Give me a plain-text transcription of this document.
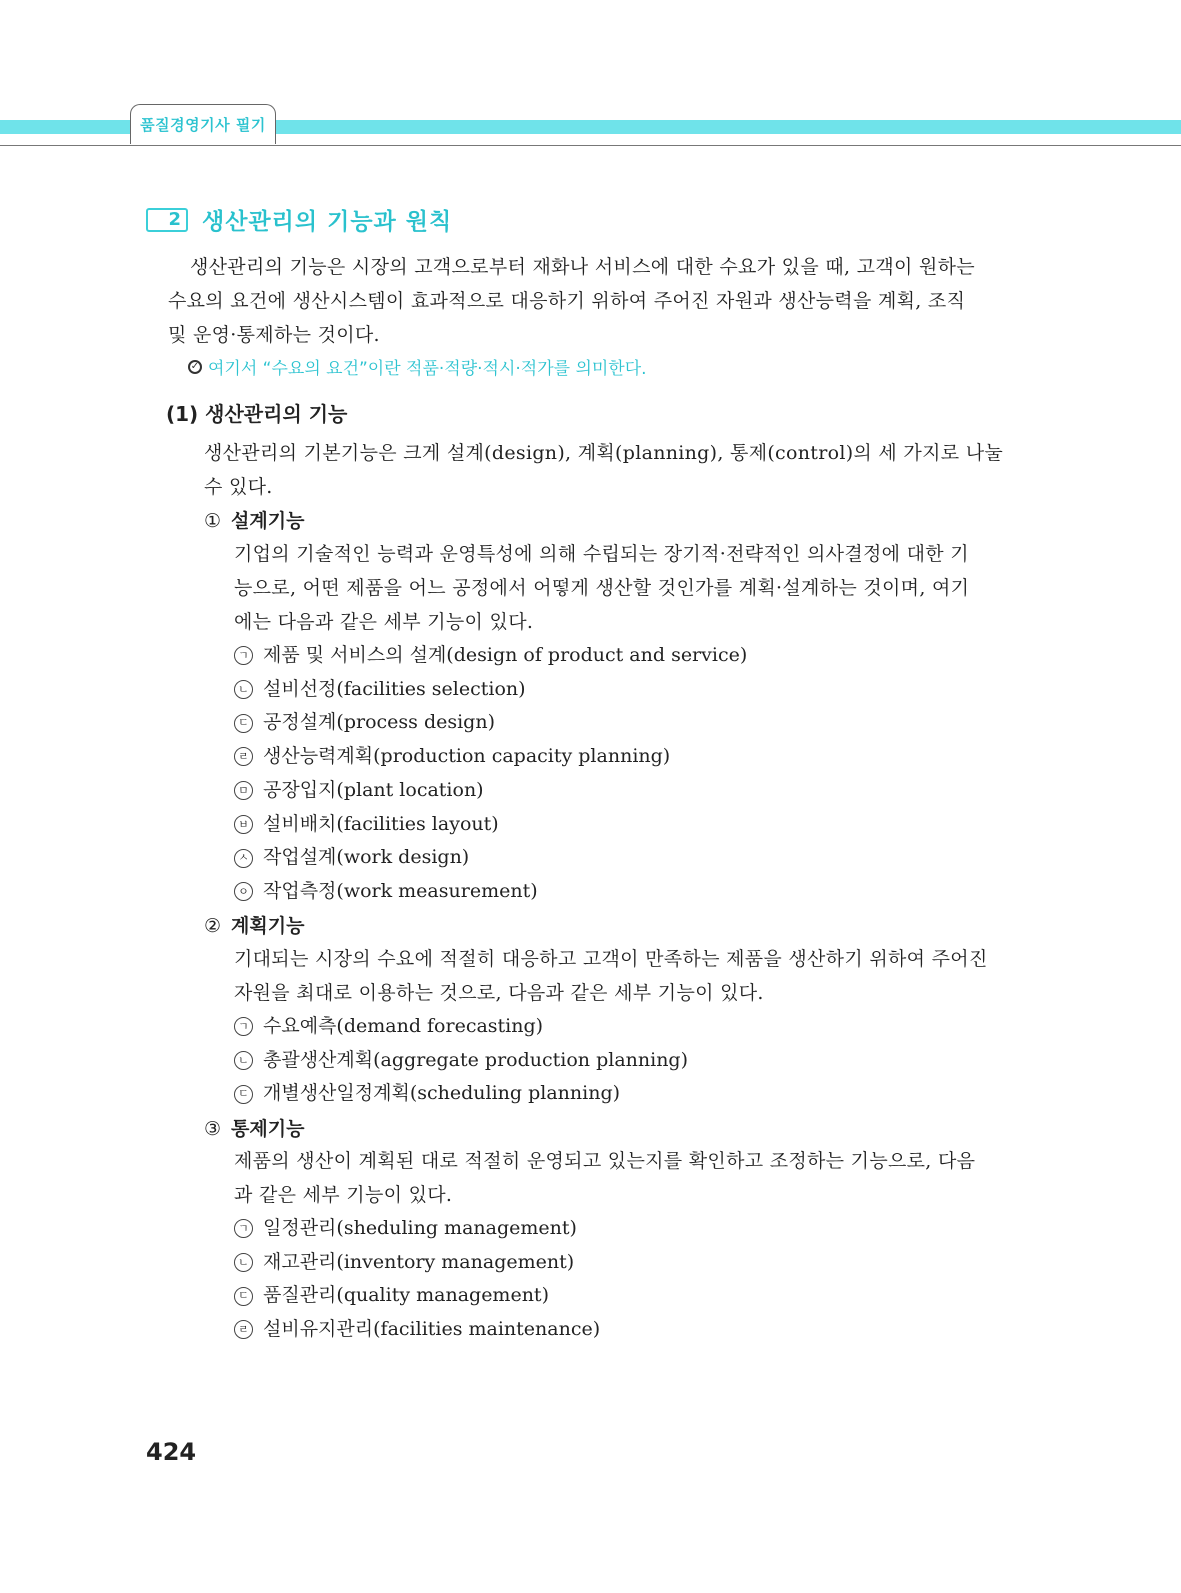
품질경영기사 필기
2 생산관리의 기능과 원칙
생산관리의 기능은 시장의 고객으로부터 재화나 서비스에 대한 수요가 있을 때, 고객이 원하는
수요의 요건에 생산시스템이 효과적으로 대응하기 위하여 주어진 자원과 생산능력을 계획, 조직
및 운영·통제하는 것이다.
✓ 여기서 “수요의 요건”이란 적품·적량·적시·적가를 의미한다.
(1) 생산관리의 기능
생산관리의 기본기능은 크게 설계(design), 계획(planning), 통제(control)의 세 가지로 나눌
수 있다.
① 설계기능
기업의 기술적인 능력과 운영특성에 의해 수립되는 장기적·전략적인 의사결정에 대한 기
능으로, 어떤 제품을 어느 공정에서 어떻게 생산할 것인가를 계획·설계하는 것이며, 여기
에는 다음과 같은 세부 기능이 있다.
ㄱ 제품 및 서비스의 설계(design of product and service)
ㄴ 설비선정(facilities selection)
ㄷ 공정설계(process design)
ㄹ 생산능력계획(production capacity planning)
ㅁ 공장입지(plant location)
ㅂ 설비배치(facilities layout)
ㅅ 작업설계(work design)
ㅇ 작업측정(work measurement)
② 계획기능
기대되는 시장의 수요에 적절히 대응하고 고객이 만족하는 제품을 생산하기 위하여 주어진
자원을 최대로 이용하는 것으로, 다음과 같은 세부 기능이 있다.
ㄱ 수요예측(demand forecasting)
ㄴ 총괄생산계획(aggregate production planning)
ㄷ 개별생산일정계획(scheduling planning)
③ 통제기능
제품의 생산이 계획된 대로 적절히 운영되고 있는지를 확인하고 조정하는 기능으로, 다음
과 같은 세부 기능이 있다.
ㄱ 일정관리(sheduling management)
ㄴ 재고관리(inventory management)
ㄷ 품질관리(quality management)
ㄹ 설비유지관리(facilities maintenance)
424
